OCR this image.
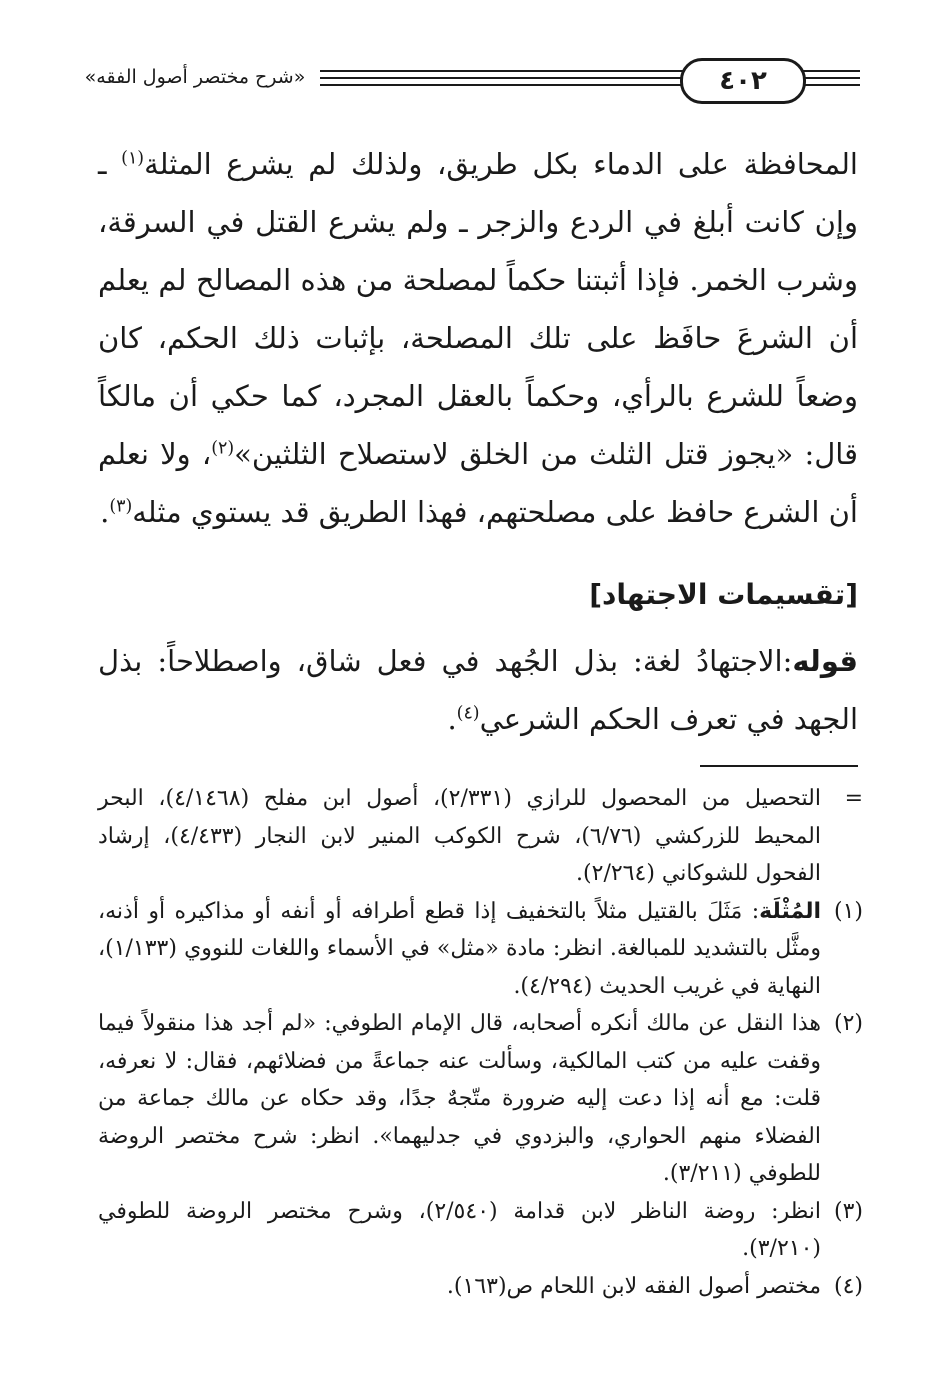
٤٠٢
«شرح مختصر أصول الفقه»
المحافظة على الدماء بكل طريق، ولذلك لم يشرع المثلة$^{(١)}$ ـ وإن كانت أبلغ في الردع والزجر ـ ولم يشرع القتل في السرقة، وشرب الخمر. فإذا أثبتنا حكماً لمصلحة من هذه المصالح لم يعلم أن الشرعَ حافَظ على تلك المصلحة، بإثبات ذلك الحكم، كان وضعاً للشرع بالرأي، وحكماً بالعقل المجرد، كما حكي أن مالكاً قال: «يجوز قتل الثلث من الخلق لاستصلاح الثلثين»$^{(٢)}$، ولا نعلم أن الشرع حافظ على مصلحتهم، فهذا الطريق قد يستوي مثله$^{(٣)}$.
[تقسيمات الاجتهاد]
قوله:الاجتهادُ لغة: بذل الجُهد في فعل شاق، واصطلاحاً: بذل الجهد في تعرف الحكم الشرعي$^{(٤)}$.
=
التحصيل من المحصول للرازي (٢/٣٣١)، أصول ابن مفلح (٤/١٤٦٨)، البحر المحيط للزركشي (٦/٧٦)، شرح الكوكب المنير لابن النجار (٤/٤٣٣)، إرشاد الفحول للشوكاني (٢/٢٦٤).
(١)
المُثْلَة: مَثَلَ بالقتيل مثلاً بالتخفيف إذا قطع أطرافه أو أنفه أو مذاكيره أو أذنه، ومثَّل بالتشديد للمبالغة. انظر: مادة «مثل» في الأسماء واللغات للنووي (١/١٣٣)، النهاية في غريب الحديث (٤/٢٩٤).
(٢)
هذا النقل عن مالك أنكره أصحابه، قال الإمام الطوفي: «لم أجد هذا منقولاً فيما وقفت عليه من كتب المالكية، وسألت عنه جماعةً من فضلائهم، فقال: لا نعرفه، قلت: مع أنه إذا دعت إليه ضرورة متّجهٌ جدًا، وقد حكاه عن مالك جماعة من الفضلاء منهم الحواري، والبزدوي في جدليهما». انظر: شرح مختصر الروضة للطوفي (٣/٢١١).
(٣)
انظر: روضة الناظر لابن قدامة (٢/٥٤٠)، وشرح مختصر الروضة للطوفي (٣/٢١٠).
(٤)
مختصر أصول الفقه لابن اللحام ص(١٦٣).
